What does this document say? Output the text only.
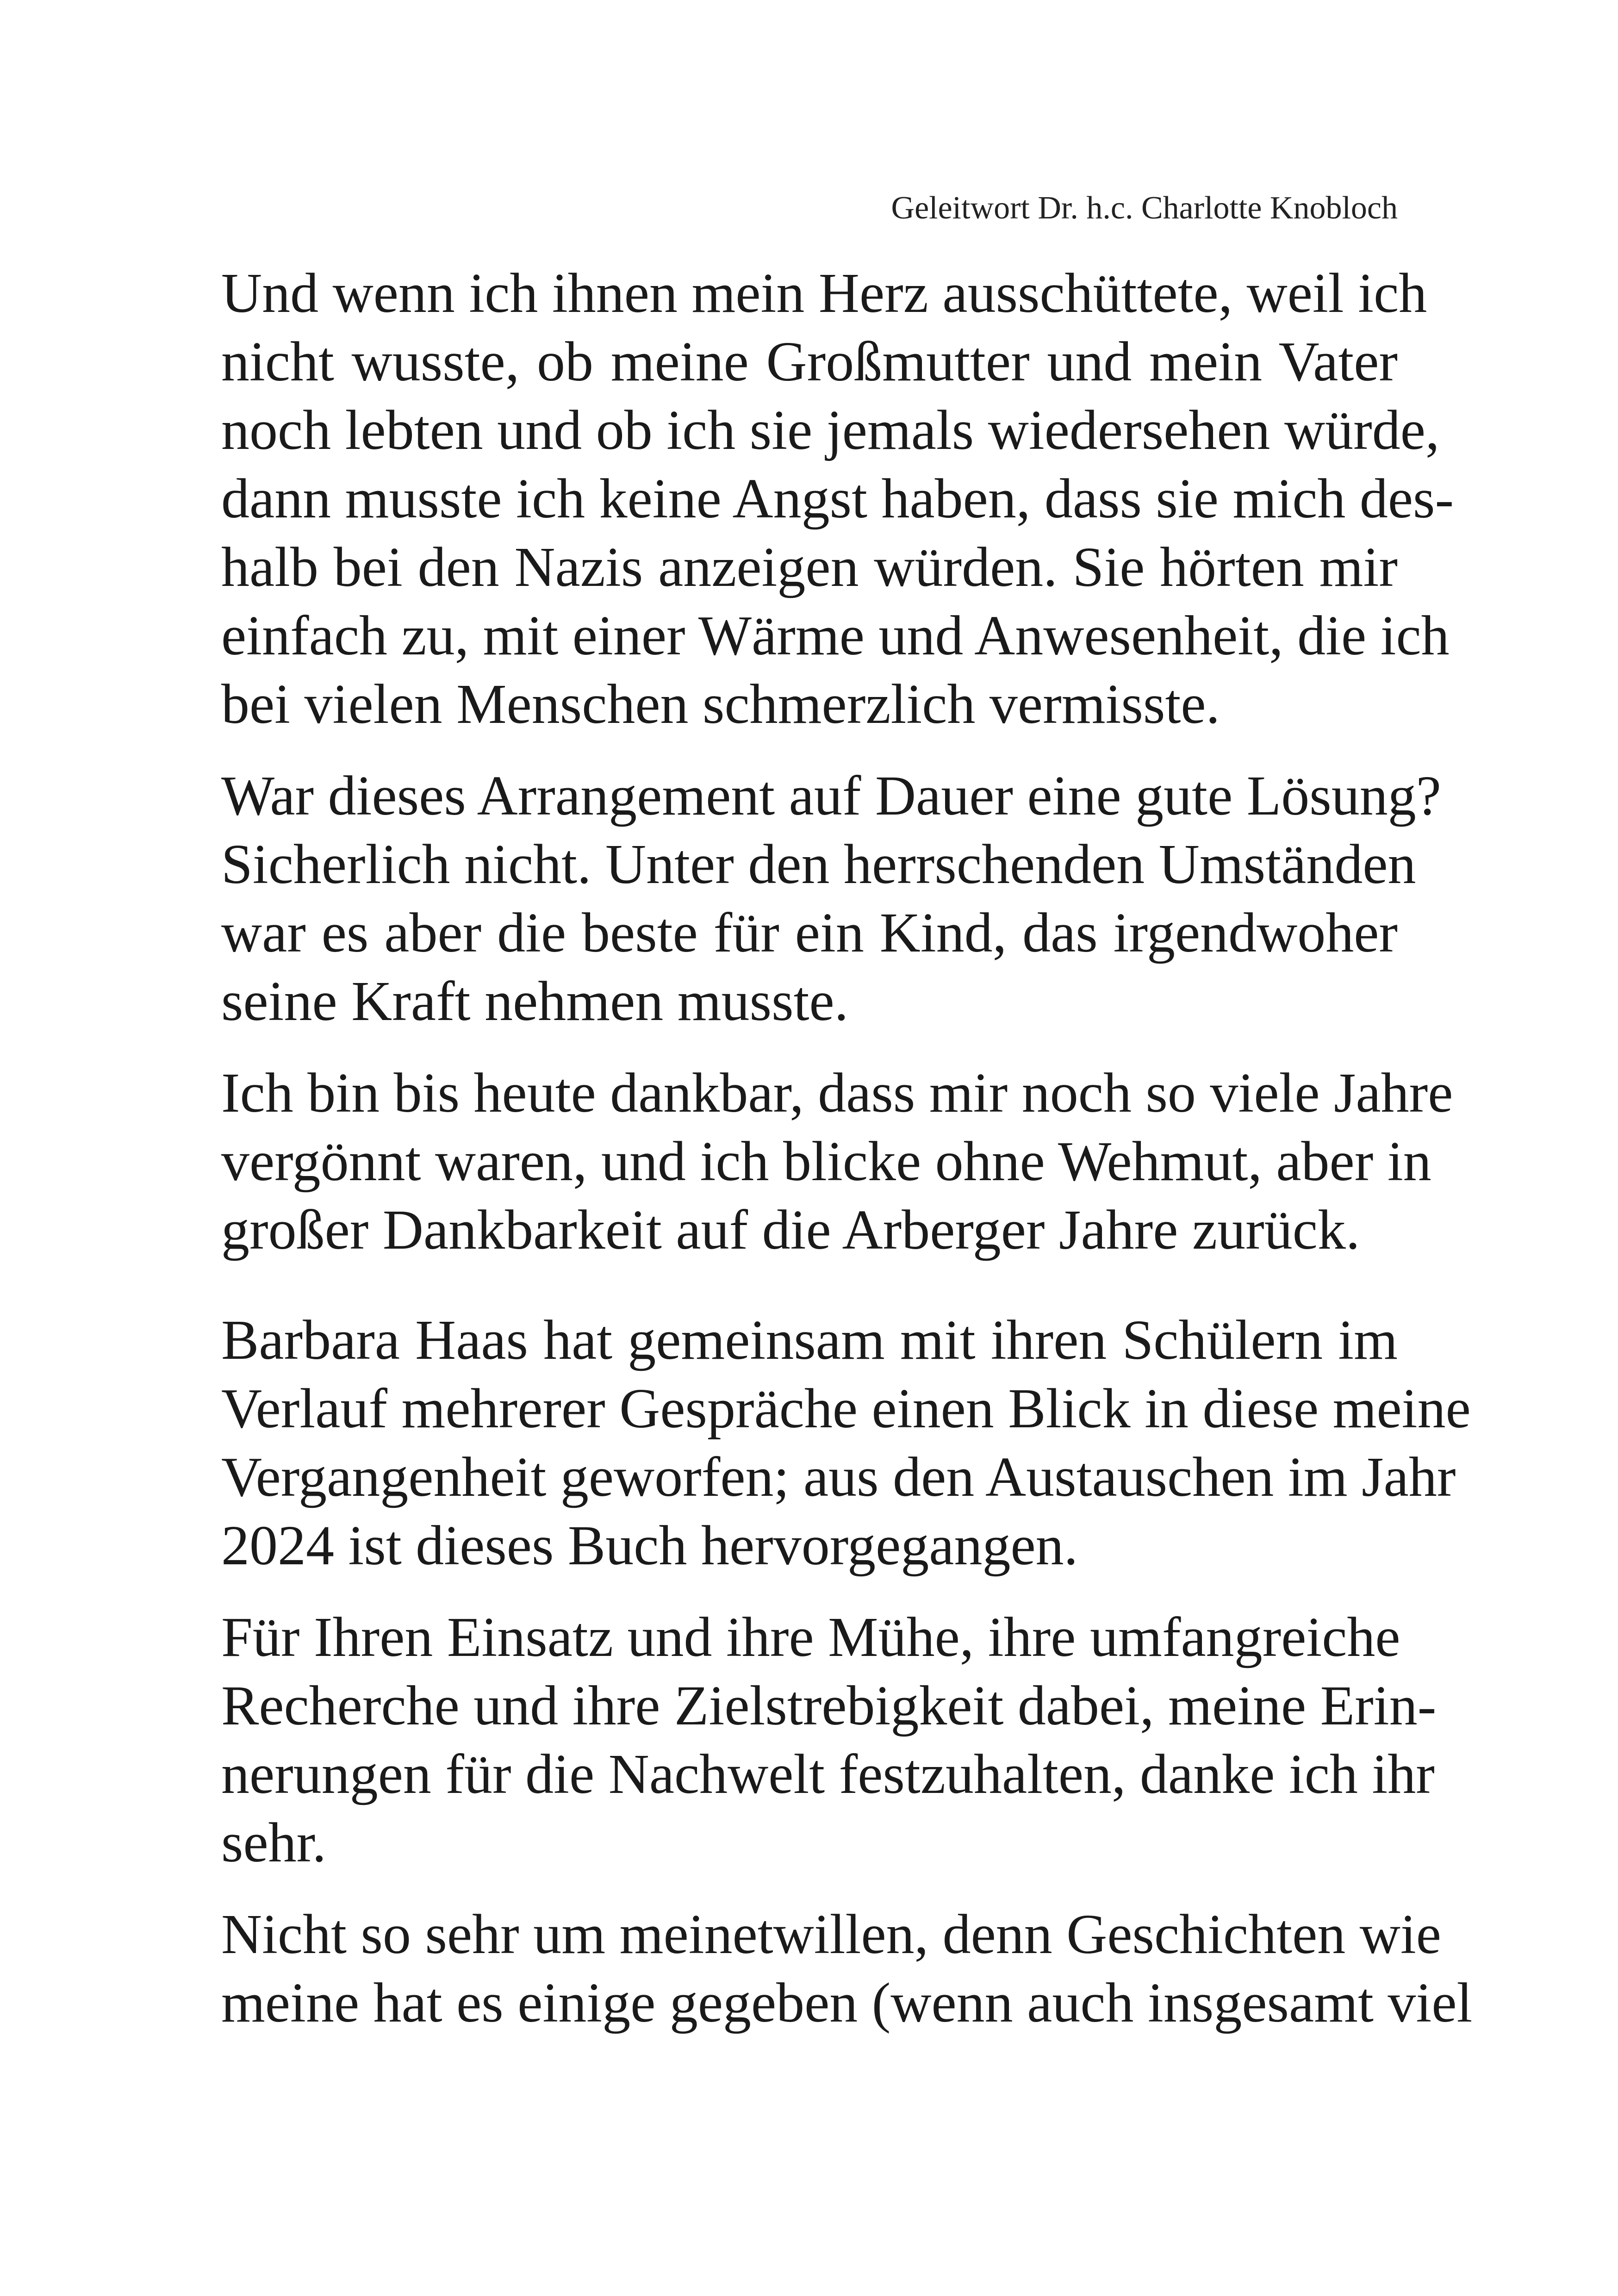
Geleitwort Dr. h.c. Charlotte Knobloch

Und wenn ich ihnen mein Herz ausschüttete, weil ich
nicht wusste, ob meine Großmutter und mein Vater
noch lebten und ob ich sie jemals wiedersehen würde,
dann musste ich keine Angst haben, dass sie mich des-
halb bei den Nazis anzeigen würden. Sie hörten mir
einfach zu, mit einer Wärme und Anwesenheit, die ich
bei vielen Menschen schmerzlich vermisste.

War dieses Arrangement auf Dauer eine gute Lösung?
Sicherlich nicht. Unter den herrschenden Umständen
war es aber die beste für ein Kind, das irgendwoher
seine Kraft nehmen musste.

Ich bin bis heute dankbar, dass mir noch so viele Jahre
vergönnt waren, und ich blicke ohne Wehmut, aber in
großer Dankbarkeit auf die Arberger Jahre zurück.

Barbara Haas hat gemeinsam mit ihren Schülern im
Verlauf mehrerer Gespräche einen Blick in diese meine
Vergangenheit geworfen; aus den Austauschen im Jahr
2024 ist dieses Buch hervorgegangen.

Für Ihren Einsatz und ihre Mühe, ihre umfangreiche
Recherche und ihre Zielstrebigkeit dabei, meine Erin-
nerungen für die Nachwelt festzuhalten, danke ich ihr
sehr.

Nicht so sehr um meinetwillen, denn Geschichten wie
meine hat es einige gegeben (wenn auch insgesamt viel
